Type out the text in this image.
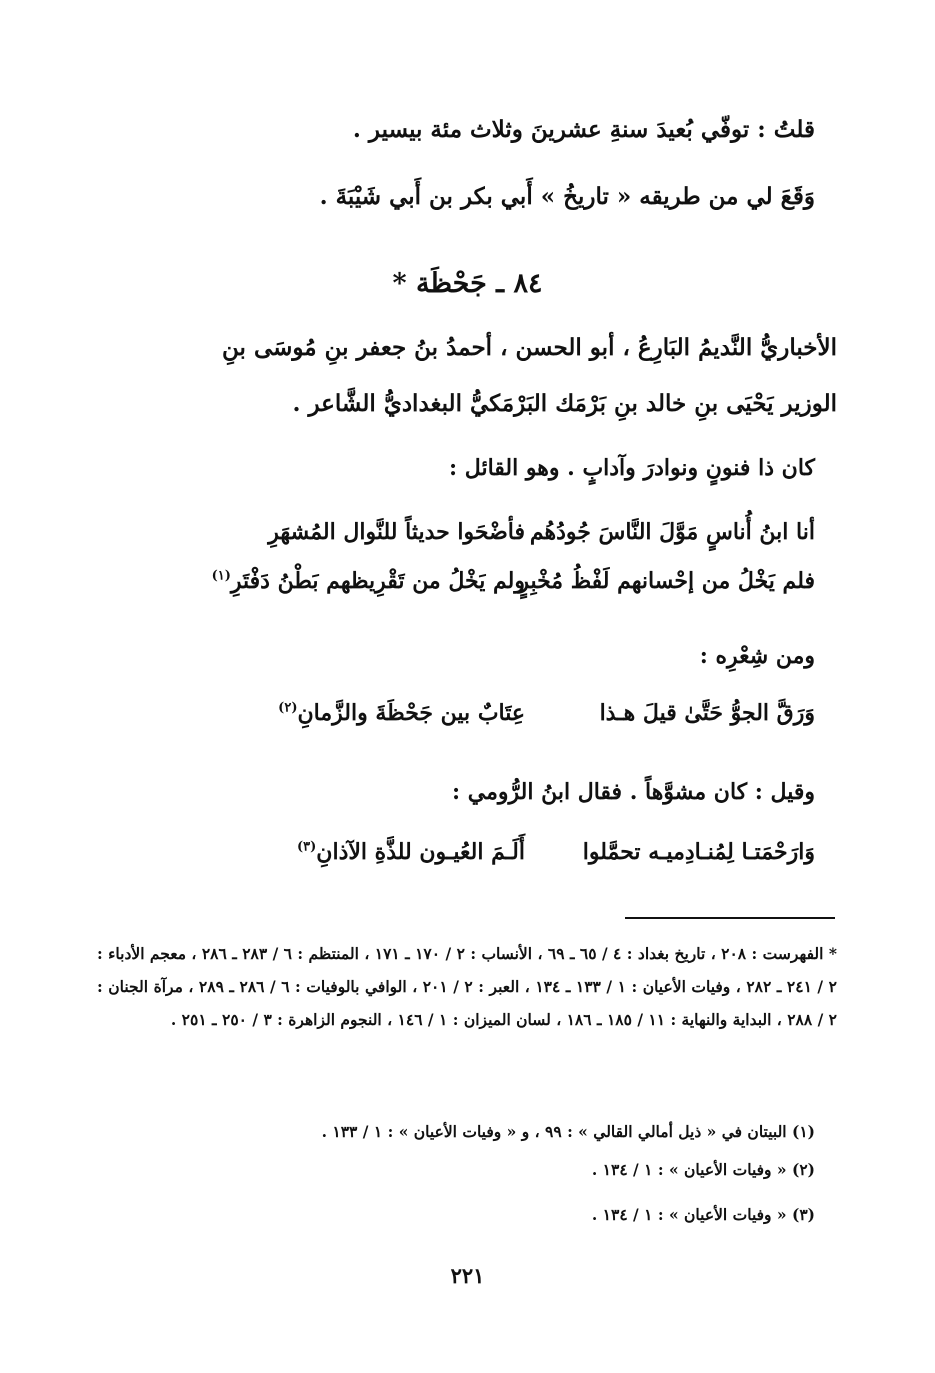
قلتُ : توفّي بُعيدَ سنةِ عشرينَ وثلاث مئة بيسير .
وَقَعَ لي من طريقه « تاريخُ » أَبي بكر بن أَبي شَيْبَةَ .
٨٤ ـ جَحْظَة *
الأخباريُّ النَّديمُ البَارِعُ ، أبو الحسن ، أحمدُ بنُ جعفر بنِ مُوسَى بنِ
الوزير يَحْيَى بنِ خالد بنِ بَرْمَك البَرْمَكيُّ البغداديُّ الشَّاعر .
كان ذا فنونٍ ونوادرَ وآدابٍ . وهو القائل :
أنا ابنُ أُناسٍ مَوَّلَ النَّاسَ جُودُهُم
فأضْحَوا حديثاً للنَّوال المُشهَرِ
فلم يَخْلُ من إحْسانهم لَفْظُ مُخْبِرٍ
ولم يَخْلُ من تَقْرِيظهم بَطْنُ دَفْتَرِ$^{(١)}$
ومن شِعْرِه :
وَرَقَّ الجوُّ حَتَّىٰ قيلَ هـذا
عِتَابٌ بين جَحْظَةَ والزَّمانِ$^{(٢)}$
وقيل : كان مشوَّهاً . فقال ابنُ الرُّومي :
وَارَحْمَتـا لِمُنـادِميـه تحمَّلوا
أَلَـمَ العُيـون للذَّةِ الآذانِ$^{(٣)}$
* الفهرست : ٢٠٨ ، تاريخ بغداد : ٤ / ٦٥ ـ ٦٩ ، الأنساب : ٢ / ١٧٠ ـ ١٧١ ، المنتظم : ٦ / ٢٨٣ ـ ٢٨٦ ، معجم الأدباء : ٢ / ٢٤١ ـ ٢٨٢ ، وفيات الأعيان : ١ / ١٣٣ ـ ١٣٤ ، العبر : ٢ / ٢٠١ ، الوافي بالوفيات : ٦ / ٢٨٦ ـ ٢٨٩ ، مرآة الجنان : ٢ / ٢٨٨ ، البداية والنهاية : ١١ / ١٨٥ ـ ١٨٦ ، لسان الميزان : ١ / ١٤٦ ، النجوم الزاهرة : ٣ / ٢٥٠ ـ ٢٥١ .
(١) البيتان في « ذيل أمالي القالي » : ٩٩ ، و « وفيات الأعيان » : ١ / ١٣٣ .
(٢) « وفيات الأعيان » : ١ / ١٣٤ .
(٣) « وفيات الأعيان » : ١ / ١٣٤ .
٢٢١
